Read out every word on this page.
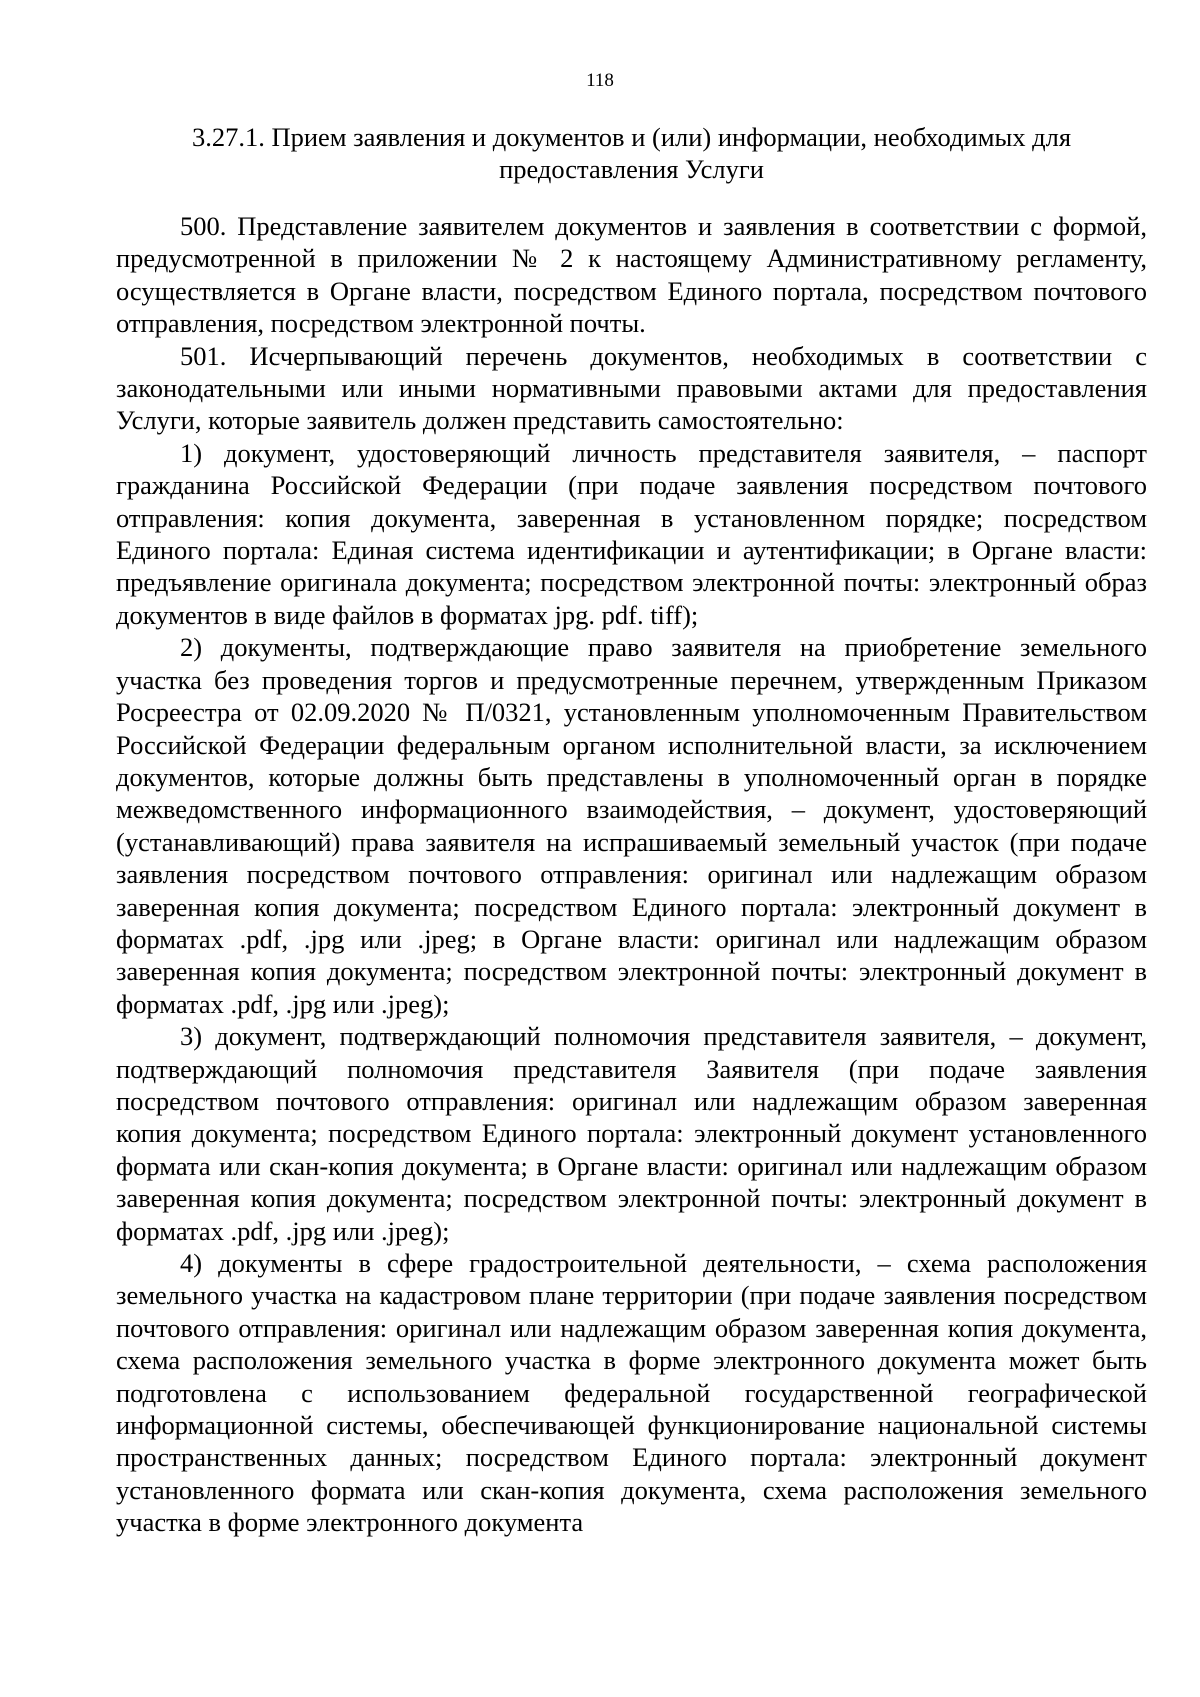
118
3.27.1. Прием заявления и документов и (или) информации, необходимых для предоставления Услуги

500. Представление заявителем документов и заявления в соответствии с формой, предусмотренной в приложении № 2 к настоящему Административному регламенту, осуществляется в Органе власти, посредством Единого портала, посредством почтового отправления, посредством электронной почты.

501. Исчерпывающий перечень документов, необходимых в соответствии с законодательными или иными нормативными правовыми актами для предоставления Услуги, которые заявитель должен представить самостоятельно:

1) документ, удостоверяющий личность представителя заявителя, – паспорт гражданина Российской Федерации (при подаче заявления посредством почтового отправления: копия документа, заверенная в установленном порядке; посредством Единого портала: Единая система идентификации и аутентификации; в Органе власти: предъявление оригинала документа; посредством электронной почты: электронный образ документов в виде файлов в форматах jpg. pdf. tiff);

2) документы, подтверждающие право заявителя на приобретение земельного участка без проведения торгов и предусмотренные перечнем, утвержденным Приказом Росреестра от 02.09.2020 № П/0321, установленным уполномоченным Правительством Российской Федерации федеральным органом исполнительной власти, за исключением документов, которые должны быть представлены в уполномоченный орган в порядке межведомственного информационного взаимодействия, – документ, удостоверяющий (устанавливающий) права заявителя на испрашиваемый земельный участок (при подаче заявления посредством почтового отправления: оригинал или надлежащим образом заверенная копия документа; посредством Единого портала: электронный документ в форматах .pdf, .jpg или .jpeg; в Органе власти: оригинал или надлежащим образом заверенная копия документа; посредством электронной почты: электронный документ в форматах .pdf, .jpg или .jpeg);

3) документ, подтверждающий полномочия представителя заявителя, – документ, подтверждающий полномочия представителя Заявителя (при подаче заявления посредством почтового отправления: оригинал или надлежащим образом заверенная копия документа; посредством Единого портала: электронный документ установленного формата или скан-копия документа; в Органе власти: оригинал или надлежащим образом заверенная копия документа; посредством электронной почты: электронный документ в форматах .pdf, .jpg или .jpeg);

4) документы в сфере градостроительной деятельности, – схема расположения земельного участка на кадастровом плане территории (при подаче заявления посредством почтового отправления: оригинал или надлежащим образом заверенная копия документа, схема расположения земельного участка в форме электронного документа может быть подготовлена с использованием федеральной государственной географической информационной системы, обеспечивающей функционирование национальной системы пространственных данных; посредством Единого портала: электронный документ установленного формата или скан-копия документа, схема расположения земельного участка в форме электронного документа
